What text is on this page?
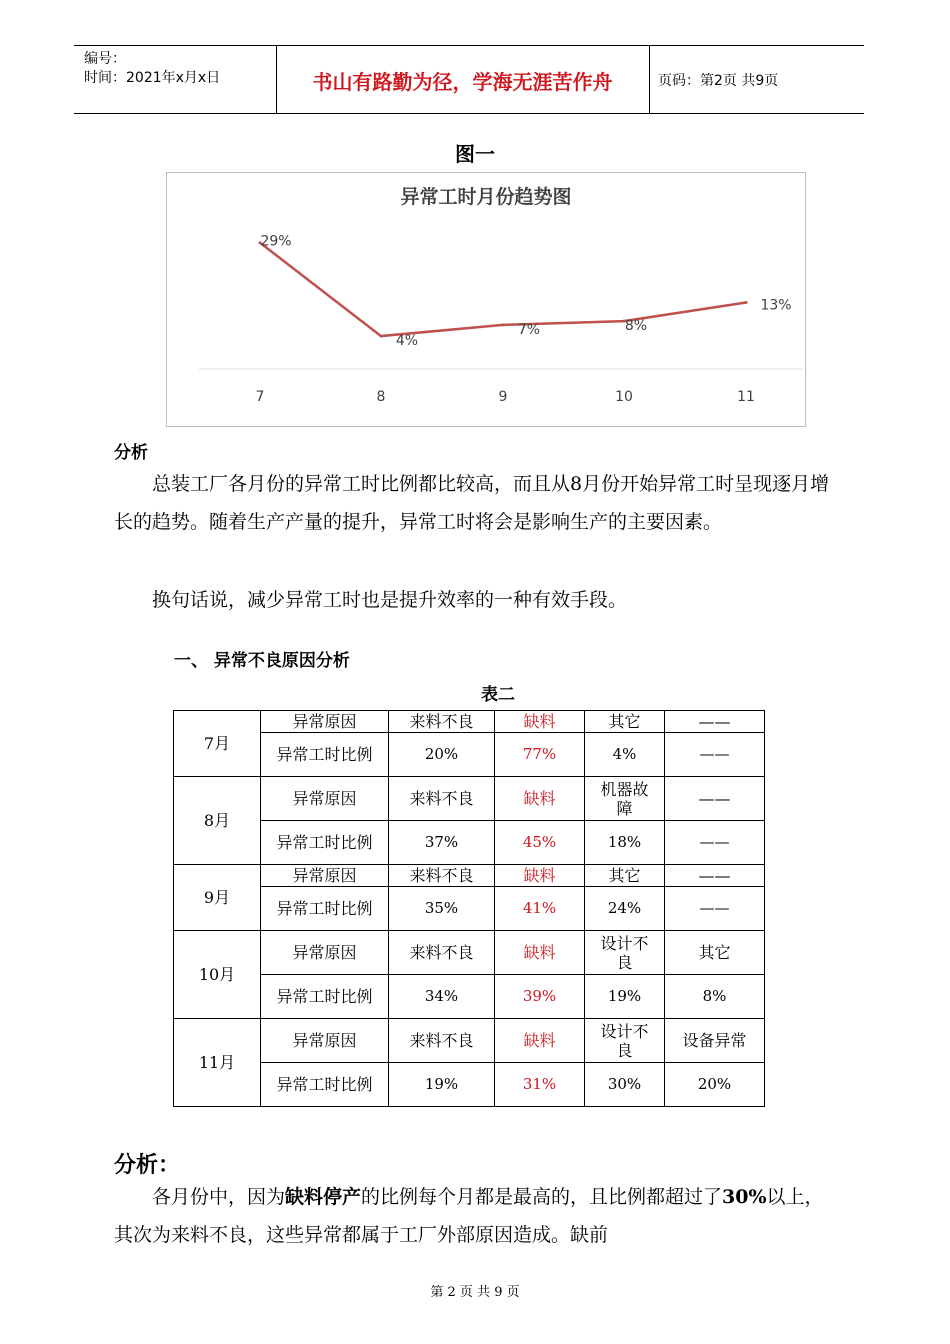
编号：
时间：2021年x月x日	书山有路勤为径，学海无涯苦作舟	页码：第2页 共9页
图一
异常工时月份趋势图
29%
7
4%
8
7%
9
8%
10
13%
11
分析
总装工厂各月份的异常工时比例都比较高，而且从8月份开始异常工时呈现逐月增长的趋势。随着生产产量的提升，异常工时将会是影响生产的主要因素。
换句话说，减少异常工时也是提升效率的一种有效手段。
一、 异常不良原因分析
表二
7月	异常原因	来料不良	缺料	其它	——
	异常工时比例	20%	77%	4%	——
8月	异常原因	来料不良	缺料	机器故障	——
	异常工时比例	37%	45%	18%	——
9月	异常原因	来料不良	缺料	其它	——
	异常工时比例	35%	41%	24%	——
10月	异常原因	来料不良	缺料	设计不良	其它
	异常工时比例	34%	39%	19%	8%
11月	异常原因	来料不良	缺料	设计不良	设备异常
	异常工时比例	19%	31%	30%	20%
分析：
各月份中，因为缺料停产的比例每个月都是最高的，且比例都超过了30%以上，其次为来料不良，这些异常都属于工厂外部原因造成。缺前
第 2 页 共 9 页
